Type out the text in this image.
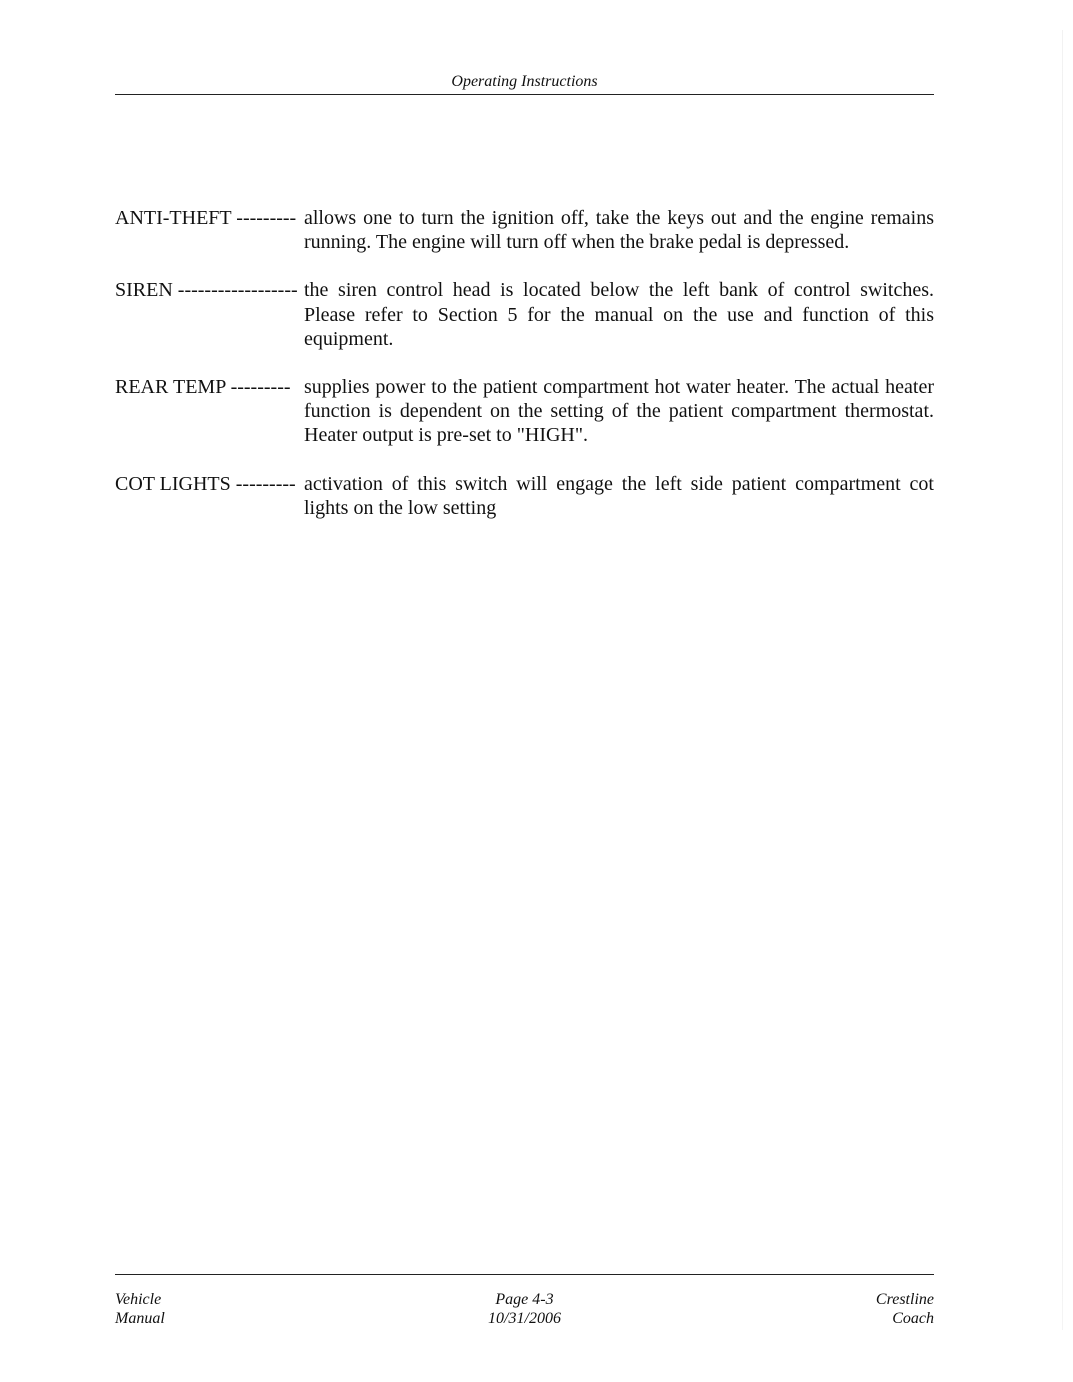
Operating Instructions
ANTI-THEFT --------- allows one to turn the ignition off, take the keys out and the engine remains running. The engine will turn off when the brake pedal is depressed.
SIREN ------------------ the siren control head is located below the left bank of control switches. Please refer to Section 5 for the manual on the use and function of this equipment.
REAR TEMP --------- supplies power to the patient compartment hot water heater. The actual heater function is dependent on the setting of the patient compartment thermostat. Heater output is pre-set to "HIGH".
COT LIGHTS --------- activation of this switch will engage the left side patient compartment cot lights on the low setting
Vehicle
Manual
Page 4-3
10/31/2006
Crestline
Coach
